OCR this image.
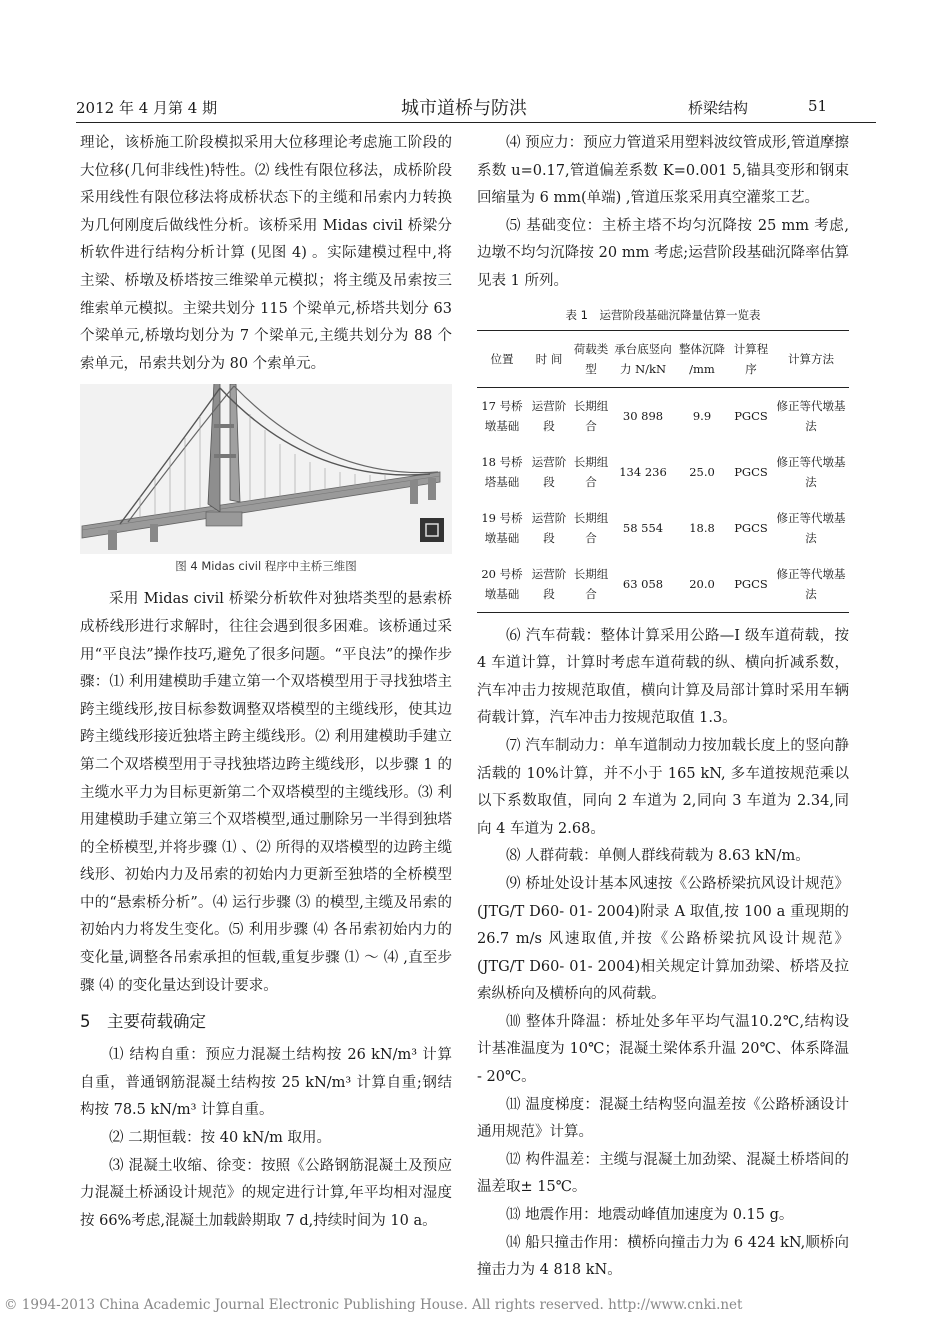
2012 年 4 月第 4 期	城市道桥与防洪	桥梁结构	51

理论，该桥施工阶段模拟采用大位移理论考虑施工阶段的大位移(几何非线性)特性。⑵ 线性有限位移法，成桥阶段采用线性有限位移法将成桥状态下的主缆和吊索内力转换为几何刚度后做线性分析。该桥采用 Midas civil 桥梁分析软件进行结构分析计算 (见图 4) 。实际建模过程中,将主梁、桥墩及桥塔按三维梁单元模拟；将主缆及吊索按三维索单元模拟。主梁共划分 115 个梁单元,桥塔共划分 63 个梁单元,桥墩均划分为 7 个梁单元,主缆共划分为 88 个索单元，吊索共划分为 80 个索单元。

图 4 Midas civil 程序中主桥三维图

采用 Midas civil 桥梁分析软件对独塔类型的悬索桥成桥线形进行求解时，往往会遇到很多困难。该桥通过采用“平良法”操作技巧,避免了很多问题。“平良法”的操作步骤：⑴ 利用建模助手建立第一个双塔模型用于寻找独塔主跨主缆线形,按目标参数调整双塔模型的主缆线形，使其边跨主缆线形接近独塔主跨主缆线形。⑵ 利用建模助手建立第二个双塔模型用于寻找独塔边跨主缆线形，以步骤 1 的主缆水平力为目标更新第二个双塔模型的主缆线形。⑶ 利用建模助手建立第三个双塔模型,通过删除另一半得到独塔的全桥模型,并将步骤 ⑴ 、⑵ 所得的双塔模型的边跨主缆线形、初始内力及吊索的初始内力更新至独塔的全桥模型中的“悬索桥分析”。⑷ 运行步骤 ⑶ 的模型,主缆及吊索的初始内力将发生变化。⑸ 利用步骤 ⑷ 各吊索初始内力的变化量,调整各吊索承担的恒载,重复步骤 ⑴ ～ ⑷ ,直至步骤 ⑷ 的变化量达到设计要求。

5　主要荷载确定

⑴ 结构自重：预应力混凝土结构按 26 kN/m³ 计算自重，普通钢筋混凝土结构按 25 kN/m³ 计算自重;钢结构按 78.5 kN/m³ 计算自重。

⑵ 二期恒载：按 40 kN/m 取用。

⑶ 混凝土收缩、徐变：按照《公路钢筋混凝土及预应力混凝土桥涵设计规范》的规定进行计算,年平均相对湿度按 66%考虑,混凝土加载龄期取 7 d,持续时间为 10 a。

⑷ 预应力：预应力管道采用塑料波纹管成形,管道摩擦系数 u=0.17,管道偏差系数 K=0.001 5,锚具变形和钢束回缩量为 6 mm(单端) ,管道压浆采用真空灌浆工艺。

⑸ 基础变位：主桥主塔不均匀沉降按 25 mm 考虑,边墩不均匀沉降按 20 mm 考虑;运营阶段基础沉降率估算见表 1 所列。

表 1　运营阶段基础沉降量估算一览表
位置	时 间	荷载类型	承台底竖向力 N/kN	整体沉降 /mm	计算程序	计算方法
17 号桥墩基础	运营阶段	长期组合	30 898	9.9	PGCS	修正等代墩基法
18 号桥塔基础	运营阶段	长期组合	134 236	25.0	PGCS	修正等代墩基法
19 号桥墩基础	运营阶段	长期组合	58 554	18.8	PGCS	修正等代墩基法
20 号桥墩基础	运营阶段	长期组合	63 058	20.0	PGCS	修正等代墩基法

⑹ 汽车荷载：整体计算采用公路—I 级车道荷载，按 4 车道计算，计算时考虑车道荷载的纵、横向折减系数，汽车冲击力按规范取值，横向计算及局部计算时采用车辆荷载计算，汽车冲击力按规范取值 1.3。

⑺ 汽车制动力：单车道制动力按加载长度上的竖向静活载的 10%计算，并不小于 165 kN, 多车道按规范乘以以下系数取值，同向 2 车道为 2,同向 3 车道为 2.34,同向 4 车道为 2.68。

⑻ 人群荷载：单侧人群线荷载为 8.63 kN/m。

⑼ 桥址处设计基本风速按《公路桥梁抗风设计规范》(JTG/T D60- 01- 2004)附录 A 取值,按 100 a 重现期的 26.7 m/s 风速取值,并按《公路桥梁抗风设计规范》(JTG/T D60- 01- 2004)相关规定计算加劲梁、桥塔及拉索纵桥向及横桥向的风荷载。

⑽ 整体升降温：桥址处多年平均气温10.2℃,结构设计基准温度为 10℃；混凝土梁体系升温 20℃、体系降温 - 20℃。

⑾ 温度梯度：混凝土结构竖向温差按《公路桥涵设计通用规范》计算。

⑿ 构件温差：主缆与混凝土加劲梁、混凝土桥塔间的温差取± 15℃。

⒀ 地震作用：地震动峰值加速度为 0.15 g。

⒁ 船只撞击作用：横桥向撞击力为 6 424 kN,顺桥向撞击力为 4 818 kN。

© 1994-2013 China Academic Journal Electronic Publishing House. All rights reserved. http://www.cnki.net
